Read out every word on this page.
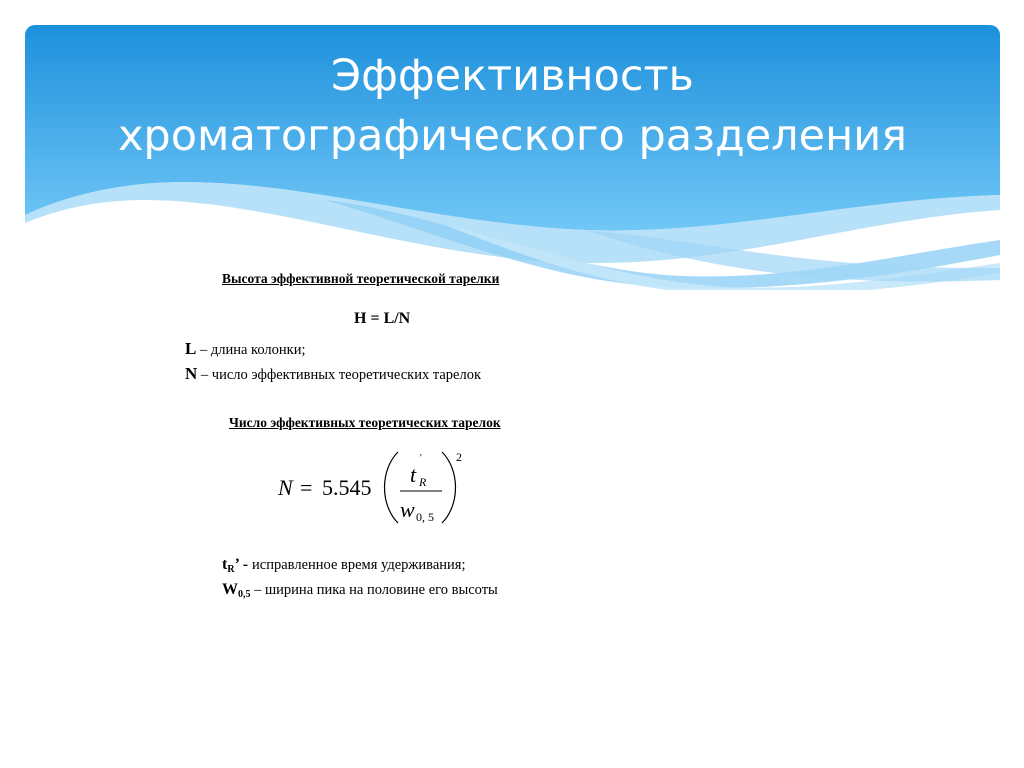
Эффективность
хроматографического разделения
Высота эффективной теоретической тарелки
H = L/N
L – длина колонки;
N – число эффективных теоретических тарелок
Число эффективных теоретических тарелок
N = 5.545
t
'
R
w 0, 5
2
$t_R$’ - исправленное время удерживания;
$W_{0,5}$ – ширина пика на половине его высоты
